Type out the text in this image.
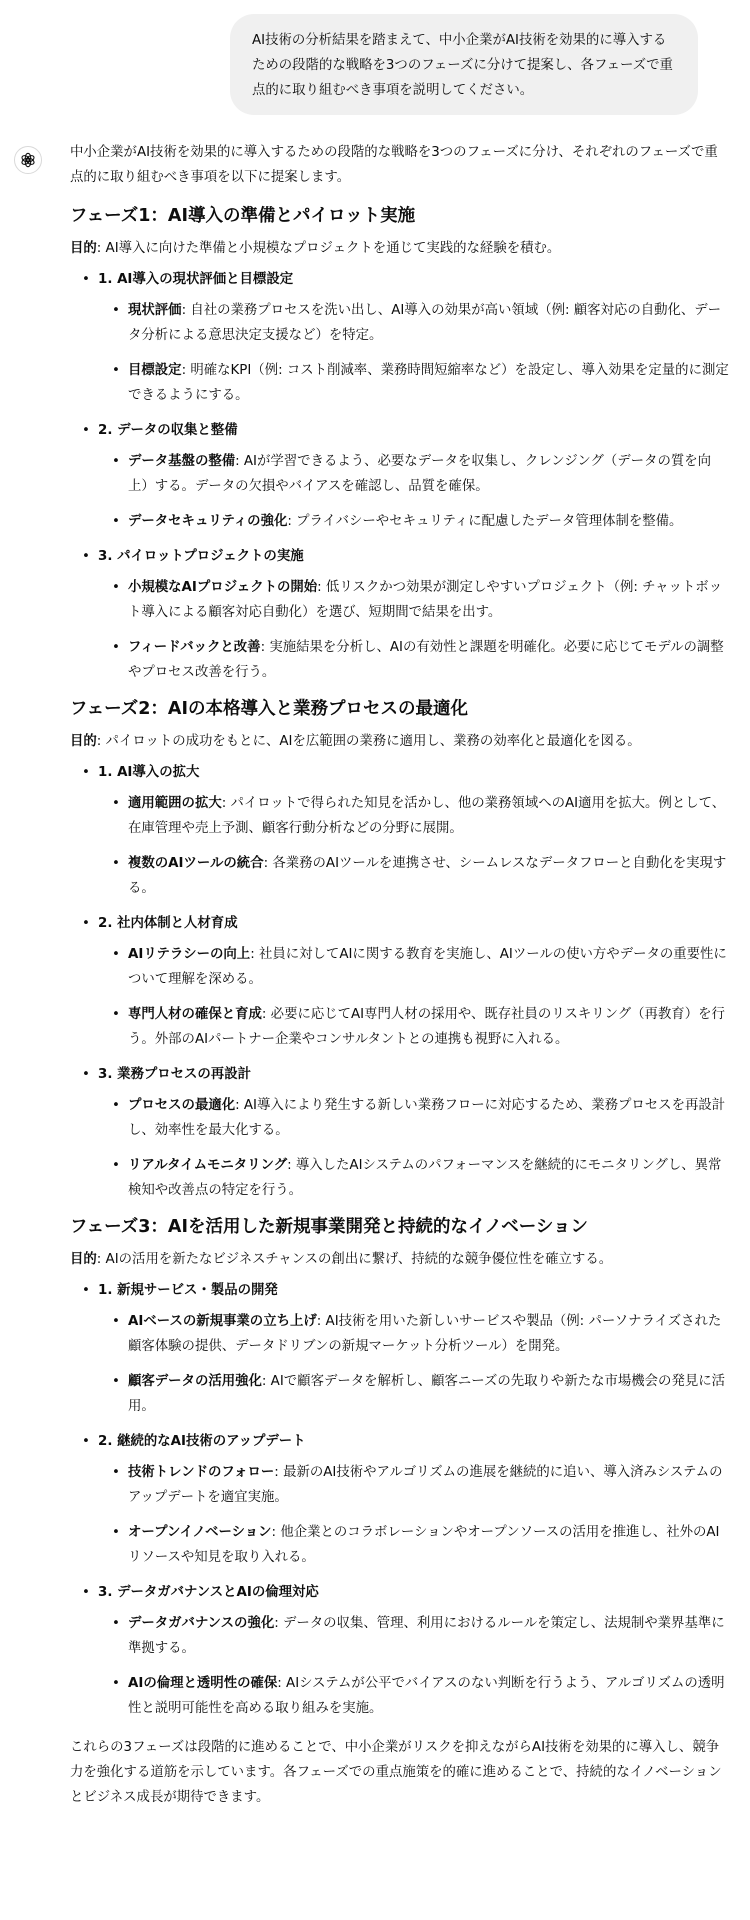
AI技術の分析結果を踏まえて、中小企業がAI技術を効果的に導入するための段階的な戦略を3つのフェーズに分けて提案し、各フェーズで重点的に取り組むべき事項を説明してください。

中小企業がAI技術を効果的に導入するための段階的な戦略を3つのフェーズに分け、それぞれのフェーズで重点的に取り組むべき事項を以下に提案します。

フェーズ1：AI導入の準備とパイロット実施

目的: AI導入に向けた準備と小規模なプロジェクトを通じて実践的な経験を積む。

• 1. AI導入の現状評価と目標設定

• 現状評価: 自社の業務プロセスを洗い出し、AI導入の効果が高い領域（例: 顧客対応の自動化、データ分析による意思決定支援など）を特定。
• 目標設定: 明確なKPI（例: コスト削減率、業務時間短縮率など）を設定し、導入効果を定量的に測定できるようにする。
• 2. データの収集と整備

• データ基盤の整備: AIが学習できるよう、必要なデータを収集し、クレンジング（データの質を向上）する。データの欠損やバイアスを確認し、品質を確保。
• データセキュリティの強化: プライバシーやセキュリティに配慮したデータ管理体制を整備。
• 3. パイロットプロジェクトの実施

• 小規模なAIプロジェクトの開始: 低リスクかつ効果が測定しやすいプロジェクト（例: チャットボット導入による顧客対応自動化）を選び、短期間で結果を出す。
• フィードバックと改善: 実施結果を分析し、AIの有効性と課題を明確化。必要に応じてモデルの調整やプロセス改善を行う。
フェーズ2：AIの本格導入と業務プロセスの最適化

目的: パイロットの成功をもとに、AIを広範囲の業務に適用し、業務の効率化と最適化を図る。

• 1. AI導入の拡大

• 適用範囲の拡大: パイロットで得られた知見を活かし、他の業務領域へのAI適用を拡大。例として、在庫管理や売上予測、顧客行動分析などの分野に展開。
• 複数のAIツールの統合: 各業務のAIツールを連携させ、シームレスなデータフローと自動化を実現する。
• 2. 社内体制と人材育成

• AIリテラシーの向上: 社員に対してAIに関する教育を実施し、AIツールの使い方やデータの重要性について理解を深める。
• 専門人材の確保と育成: 必要に応じてAI専門人材の採用や、既存社員のリスキリング（再教育）を行う。外部のAIパートナー企業やコンサルタントとの連携も視野に入れる。
• 3. 業務プロセスの再設計

• プロセスの最適化: AI導入により発生する新しい業務フローに対応するため、業務プロセスを再設計し、効率性を最大化する。
• リアルタイムモニタリング: 導入したAIシステムのパフォーマンスを継続的にモニタリングし、異常検知や改善点の特定を行う。
フェーズ3：AIを活用した新規事業開発と持続的なイノベーション

目的: AIの活用を新たなビジネスチャンスの創出に繋げ、持続的な競争優位性を確立する。

• 1. 新規サービス・製品の開発

• AIベースの新規事業の立ち上げ: AI技術を用いた新しいサービスや製品（例: パーソナライズされた顧客体験の提供、データドリブンの新規マーケット分析ツール）を開発。
• 顧客データの活用強化: AIで顧客データを解析し、顧客ニーズの先取りや新たな市場機会の発見に活用。
• 2. 継続的なAI技術のアップデート

• 技術トレンドのフォロー: 最新のAI技術やアルゴリズムの進展を継続的に追い、導入済みシステムのアップデートを適宜実施。
• オープンイノベーション: 他企業とのコラボレーションやオープンソースの活用を推進し、社外のAIリソースや知見を取り入れる。
• 3. データガバナンスとAIの倫理対応

• データガバナンスの強化: データの収集、管理、利用におけるルールを策定し、法規制や業界基準に準拠する。
• AIの倫理と透明性の確保: AIシステムが公平でバイアスのない判断を行うよう、アルゴリズムの透明性と説明可能性を高める取り組みを実施。

これらの3フェーズは段階的に進めることで、中小企業がリスクを抑えながらAI技術を効果的に導入し、競争力を強化する道筋を示しています。各フェーズでの重点施策を的確に進めることで、持続的なイノベーションとビジネス成長が期待できます。
